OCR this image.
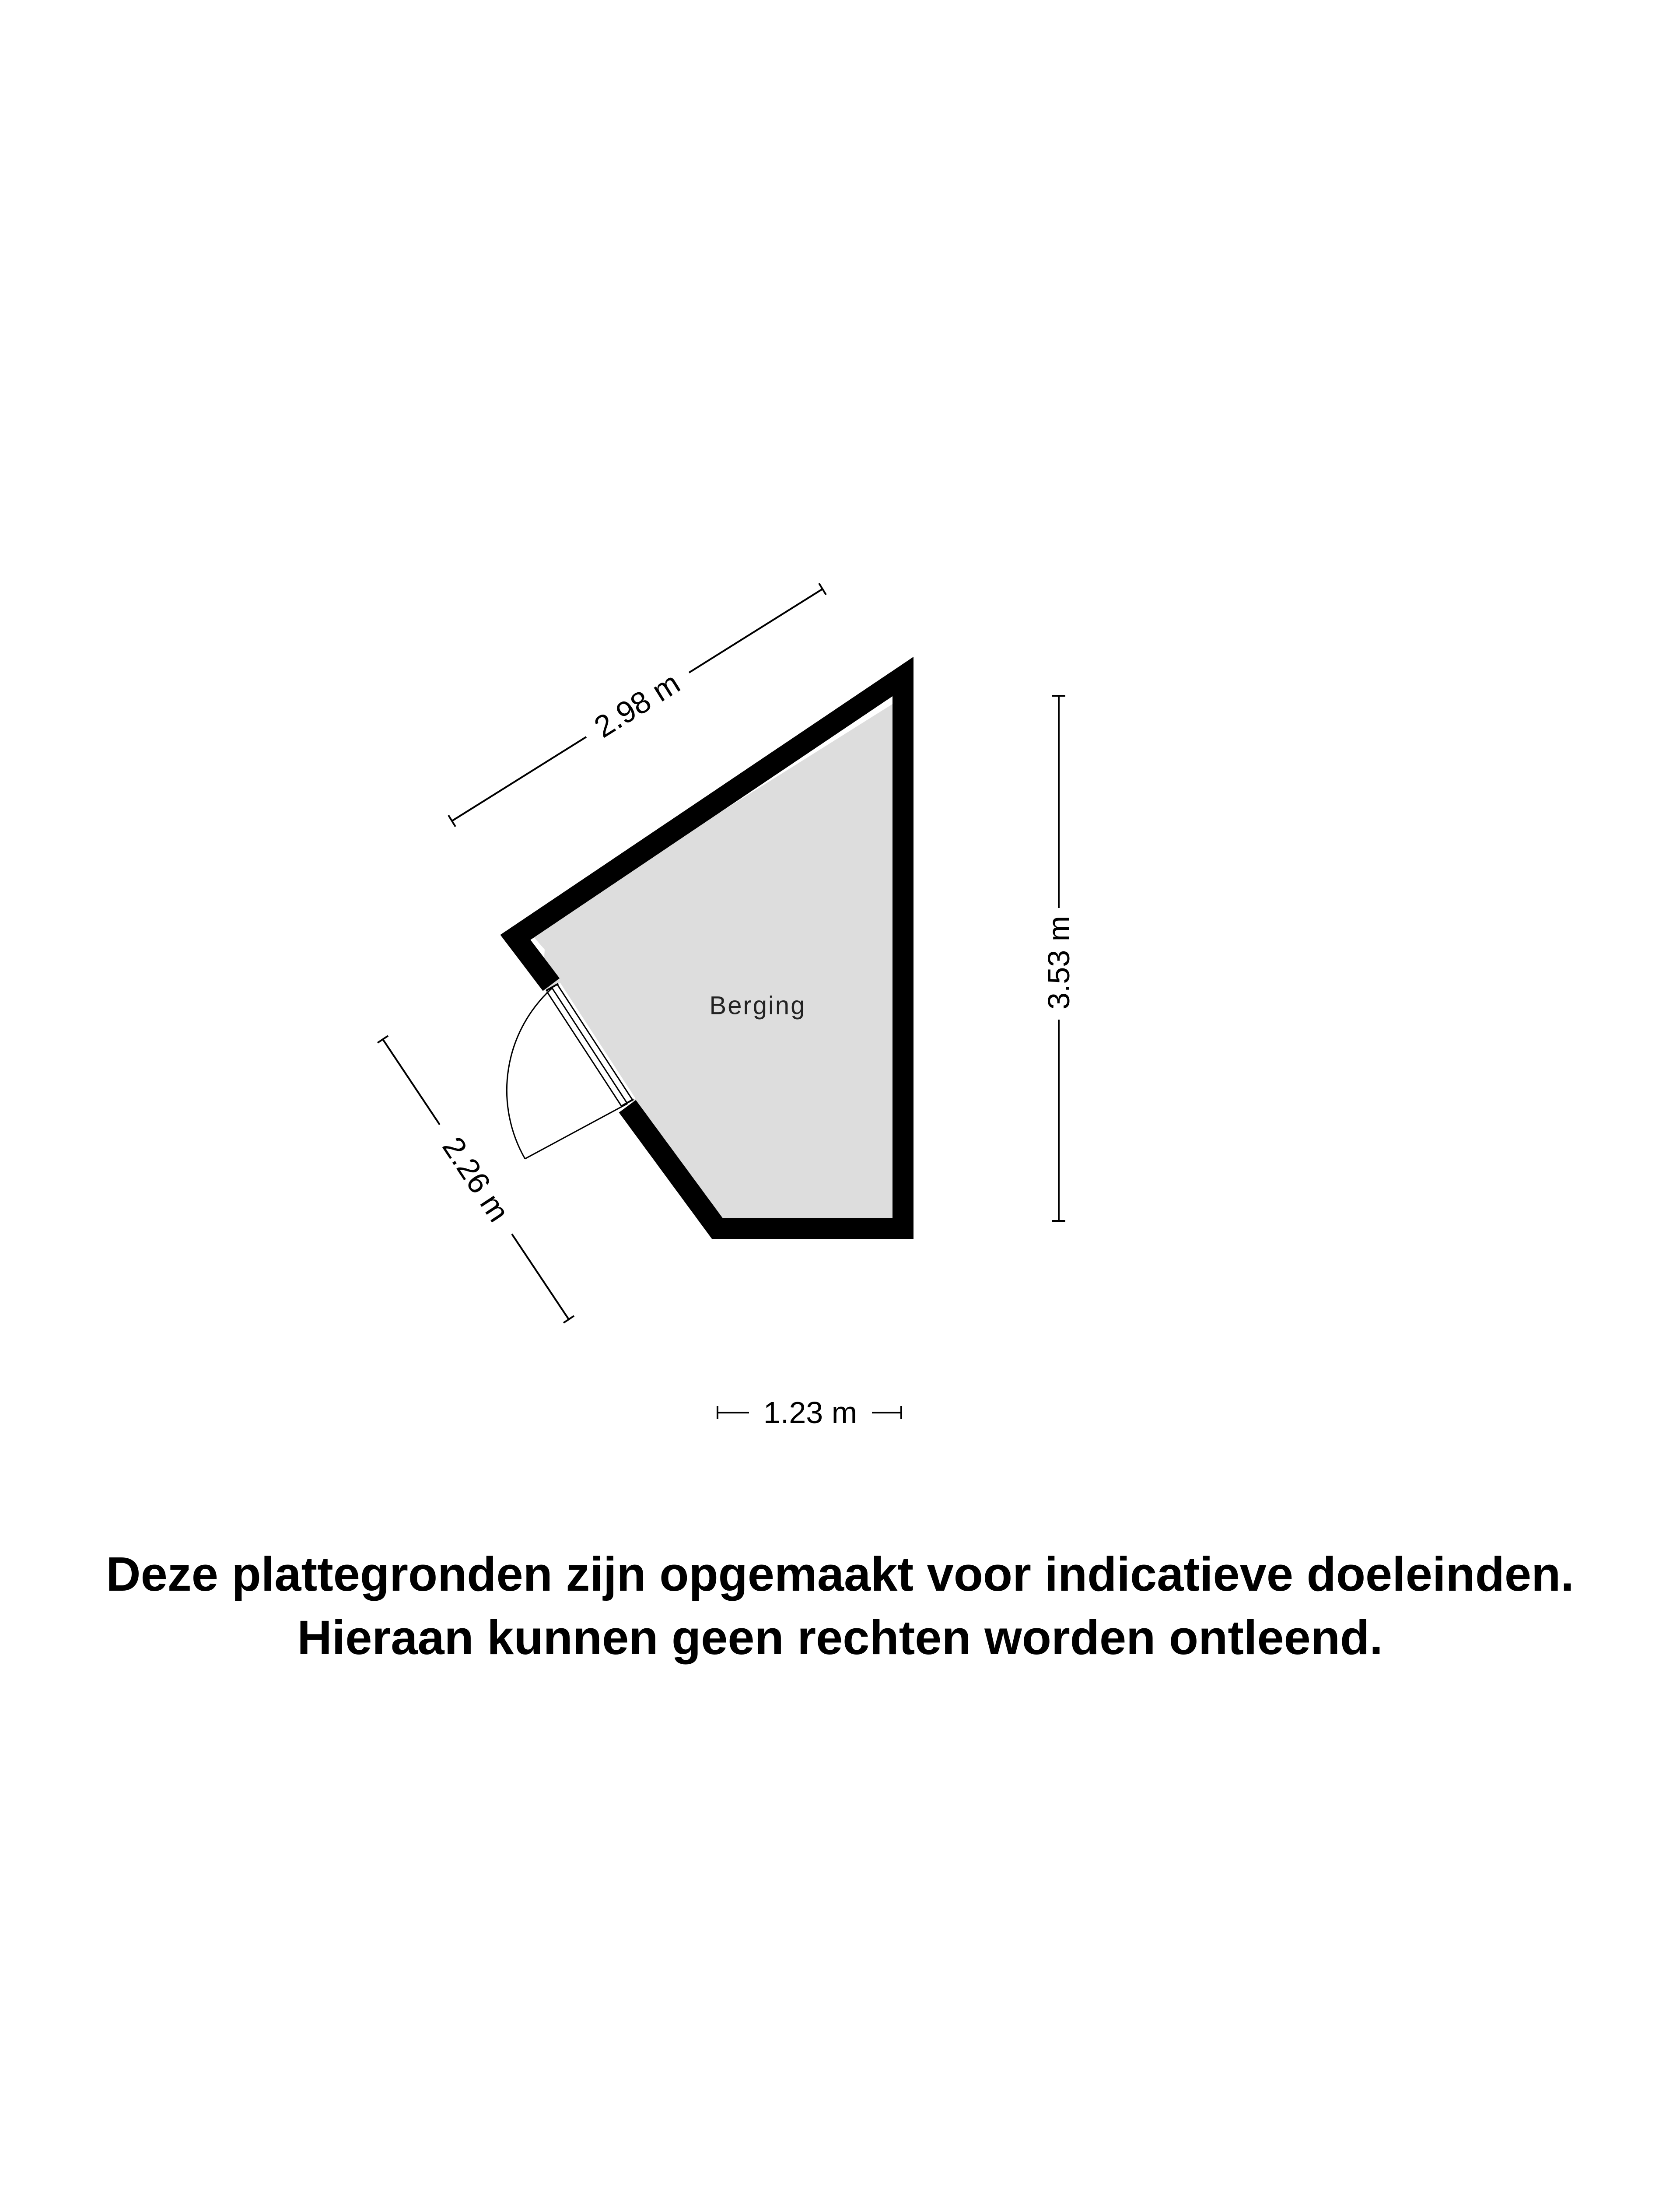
2.98 m
3.53 m
2.26 m
1.23 m
Berging
Deze plattegronden zijn opgemaakt voor indicatieve doeleinden.
Hieraan kunnen geen rechten worden ontleend.
